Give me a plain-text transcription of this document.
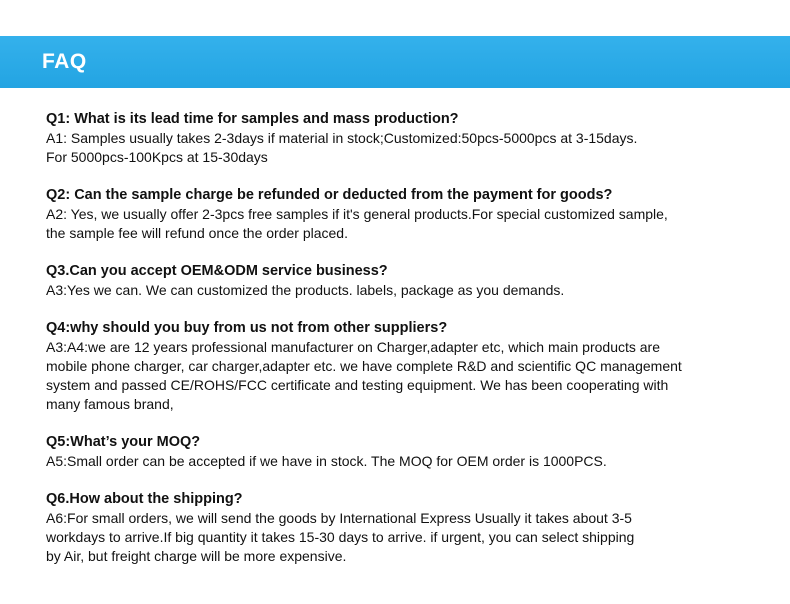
FAQ

Q1: What is its lead time for samples and mass production?

A1: Samples usually takes 2-3days if material in stock;Customized:50pcs-5000pcs at 3-15days.
For 5000pcs-100Kpcs at 15-30days

Q2: Can the sample charge be refunded or deducted from the payment for goods?

A2: Yes, we usually offer 2-3pcs free samples if it's general products.For special customized sample,
the sample fee will refund once the order placed.

Q3.Can you accept OEM&ODM service business?

A3:Yes we can. We can customized the products. labels, package as you demands.

Q4:why should you buy from us not from other suppliers?

A3:A4:we are 12 years professional manufacturer on Charger,adapter etc, which main products are
mobile phone charger, car charger,adapter etc. we have complete R&D and scientific QC management
system and passed CE/ROHS/FCC certificate and testing equipment. We has been cooperating with
many famous brand,

Q5:What’s your MOQ?

A5:Small order can be accepted if we have in stock. The MOQ for OEM order is 1000PCS.

Q6.How about the shipping?

A6:For small orders, we will send the goods by International Express Usually it takes about 3-5
workdays to arrive.If big quantity it takes 15-30 days to arrive. if urgent, you can select shipping
by Air, but freight charge will be more expensive.
